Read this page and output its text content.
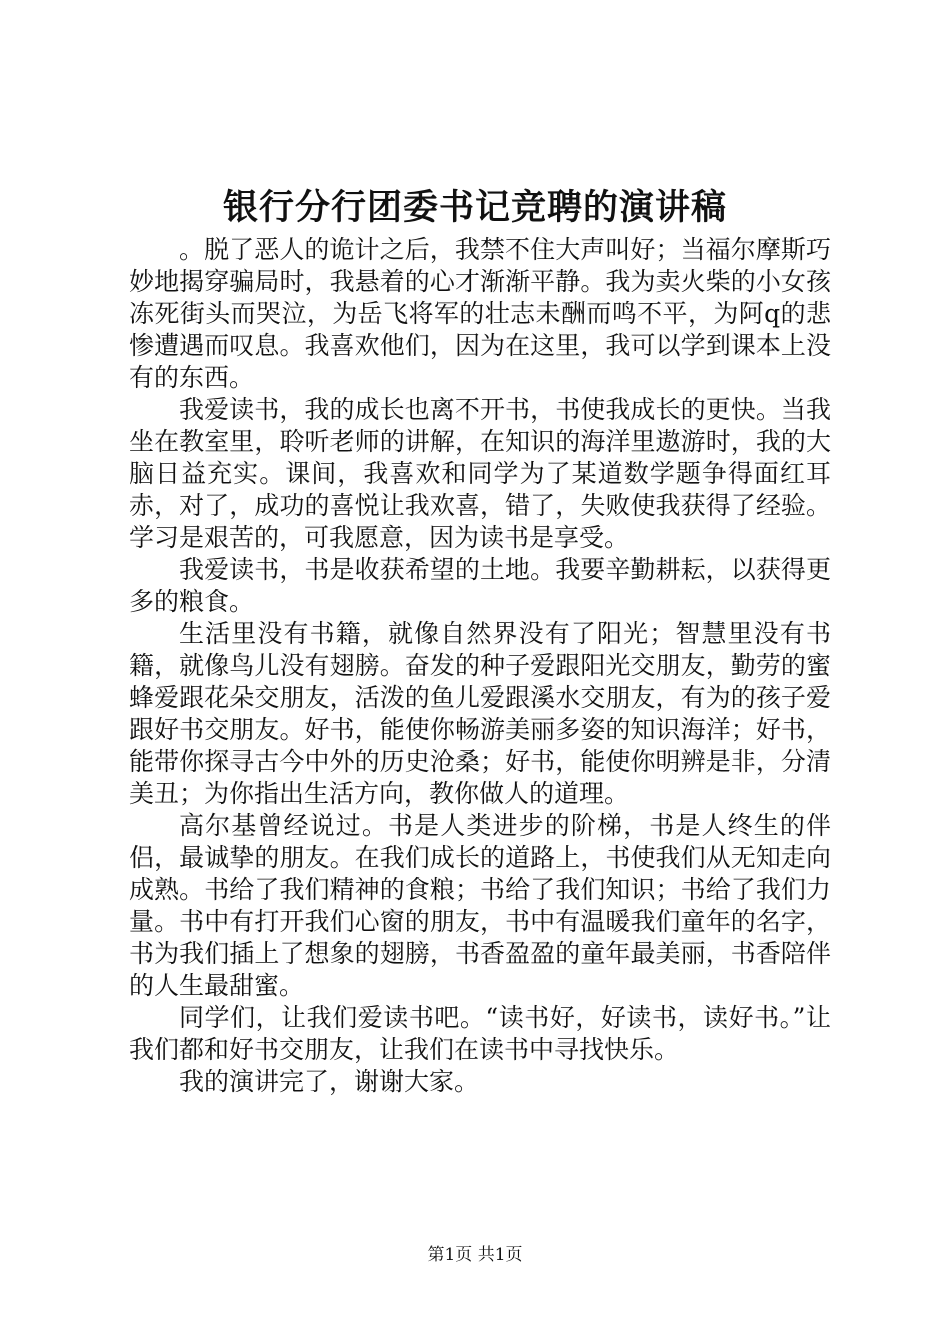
银行分行团委书记竞聘的演讲稿

。脱了恶人的诡计之后，我禁不住大声叫好；当福尔摩斯巧妙地揭穿骗局时，我悬着的心才渐渐平静。我为卖火柴的小女孩冻死街头而哭泣，为岳飞将军的壮志未酬而鸣不平，为阿q的悲惨遭遇而叹息。我喜欢他们，因为在这里，我可以学到课本上没有的东西。

我爱读书，我的成长也离不开书，书使我成长的更快。当我坐在教室里，聆听老师的讲解，在知识的海洋里遨游时，我的大脑日益充实。课间，我喜欢和同学为了某道数学题争得面红耳赤，对了，成功的喜悦让我欢喜，错了，失败使我获得了经验。学习是艰苦的，可我愿意，因为读书是享受。

我爱读书，书是收获希望的土地。我要辛勤耕耘，以获得更多的粮食。

生活里没有书籍，就像自然界没有了阳光；智慧里没有书籍，就像鸟儿没有翅膀。奋发的种子爱跟阳光交朋友，勤劳的蜜蜂爱跟花朵交朋友，活泼的鱼儿爱跟溪水交朋友，有为的孩子爱跟好书交朋友。好书，能使你畅游美丽多姿的知识海洋；好书，能带你探寻古今中外的历史沧桑；好书，能使你明辨是非，分清美丑；为你指出生活方向，教你做人的道理。

高尔基曾经说过。书是人类进步的阶梯，书是人终生的伴侣，最诚挚的朋友。在我们成长的道路上，书使我们从无知走向成熟。书给了我们精神的食粮；书给了我们知识；书给了我们力量。书中有打开我们心窗的朋友，书中有温暖我们童年的名字，书为我们插上了想象的翅膀，书香盈盈的童年最美丽，书香陪伴的人生最甜蜜。

同学们，让我们爱读书吧。“读书好，好读书，读好书。”让我们都和好书交朋友，让我们在读书中寻找快乐。

我的演讲完了，谢谢大家。

第1页 共1页
